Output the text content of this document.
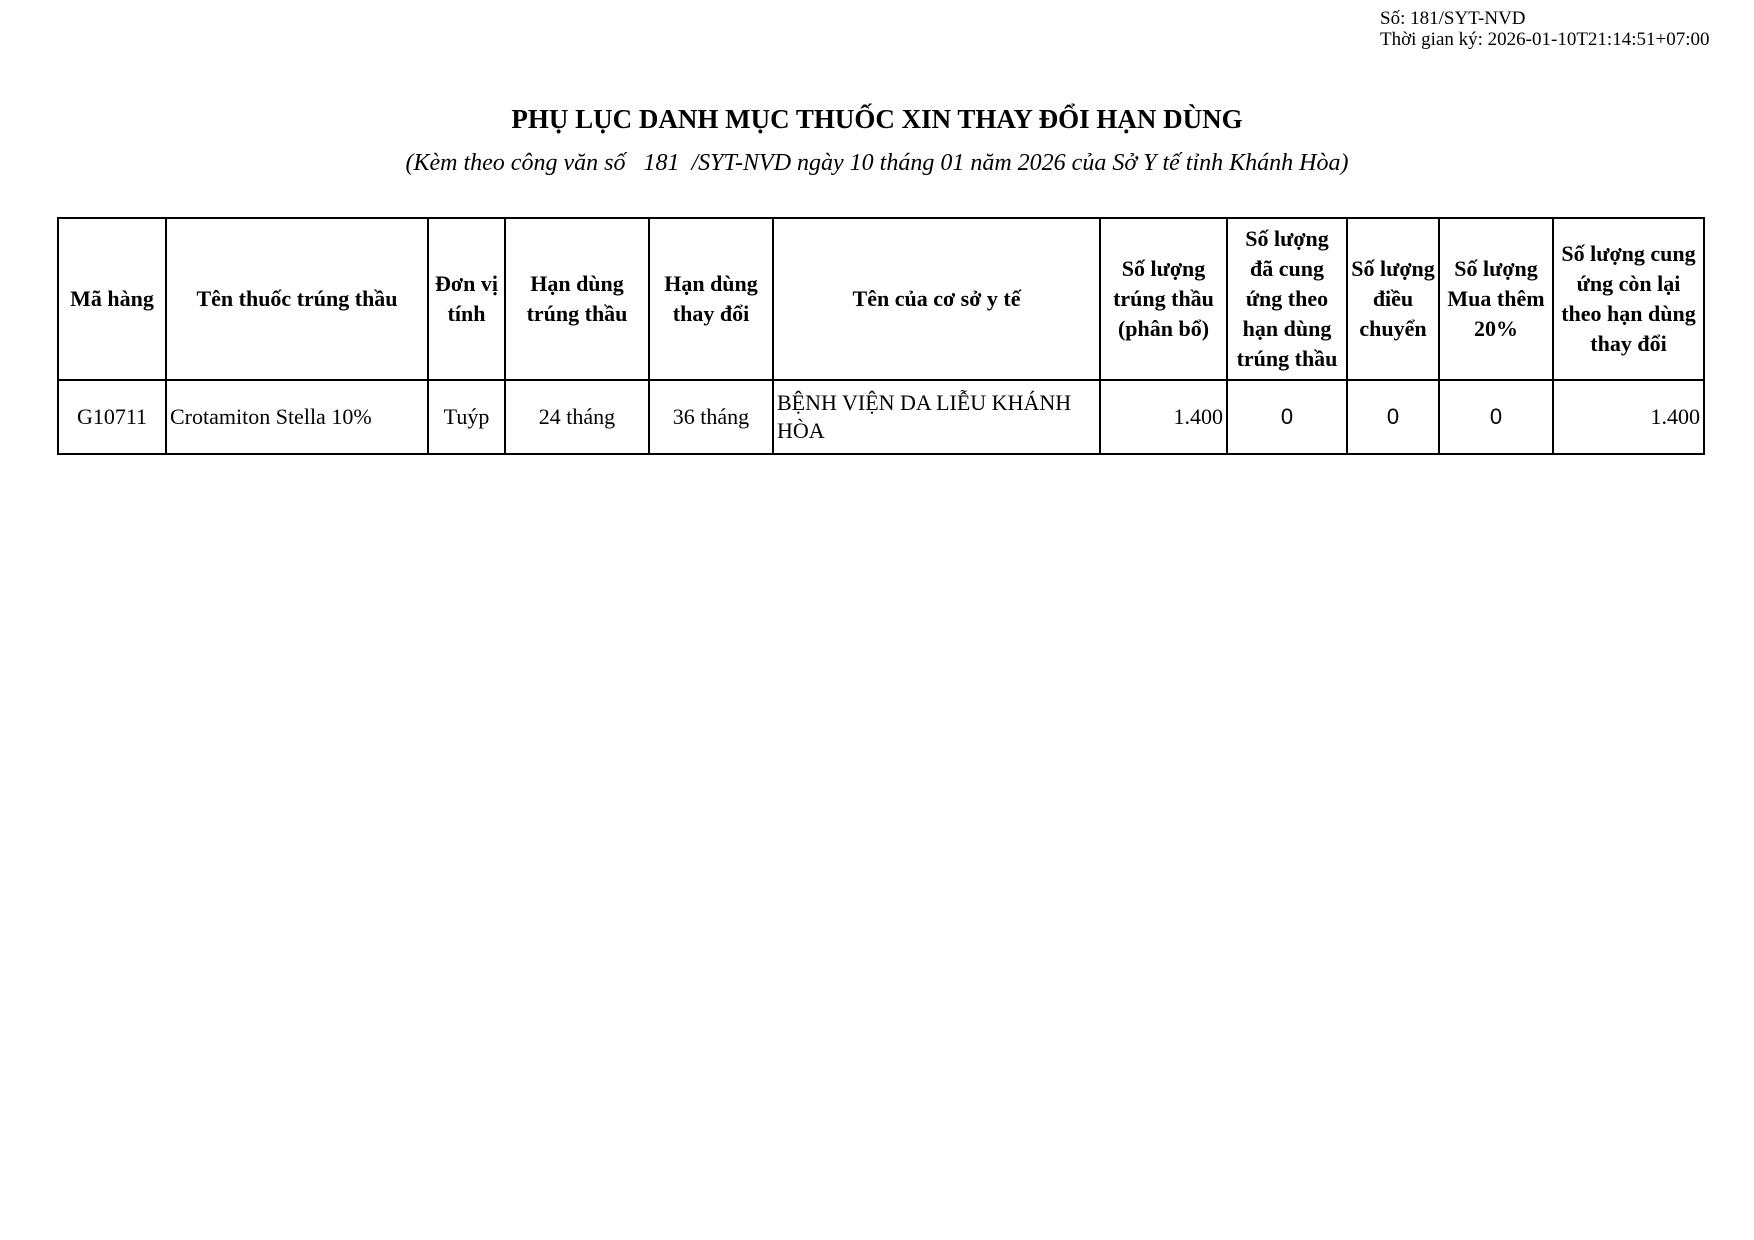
Số: 181/SYT-NVD
Thời gian ký: 2026-01-10T21:14:51+07:00
PHỤ LỤC DANH MỤC THUỐC XIN THAY ĐỔI HẠN DÙNG
(Kèm theo công văn số   181  /SYT-NVD ngày 10 tháng 01 năm 2026 của Sở Y tế tỉnh Khánh Hòa)
Mã hàng	Tên thuốc trúng thầu	Đơn vị tính	Hạn dùng trúng thầu	Hạn dùng thay đổi	Tên của cơ sở y tế	Số lượng trúng thầu (phân bổ)	Số lượng đã cung ứng theo hạn dùng trúng thầu	Số lượng điều chuyển	Số lượng Mua thêm 20%	Số lượng cung ứng còn lại theo hạn dùng thay đổi
G10711	Crotamiton Stella 10%	Tuýp	24 tháng	36 tháng	BỆNH VIỆN DA LIỄU KHÁNH HÒA	1.400	0	0	0	1.400
